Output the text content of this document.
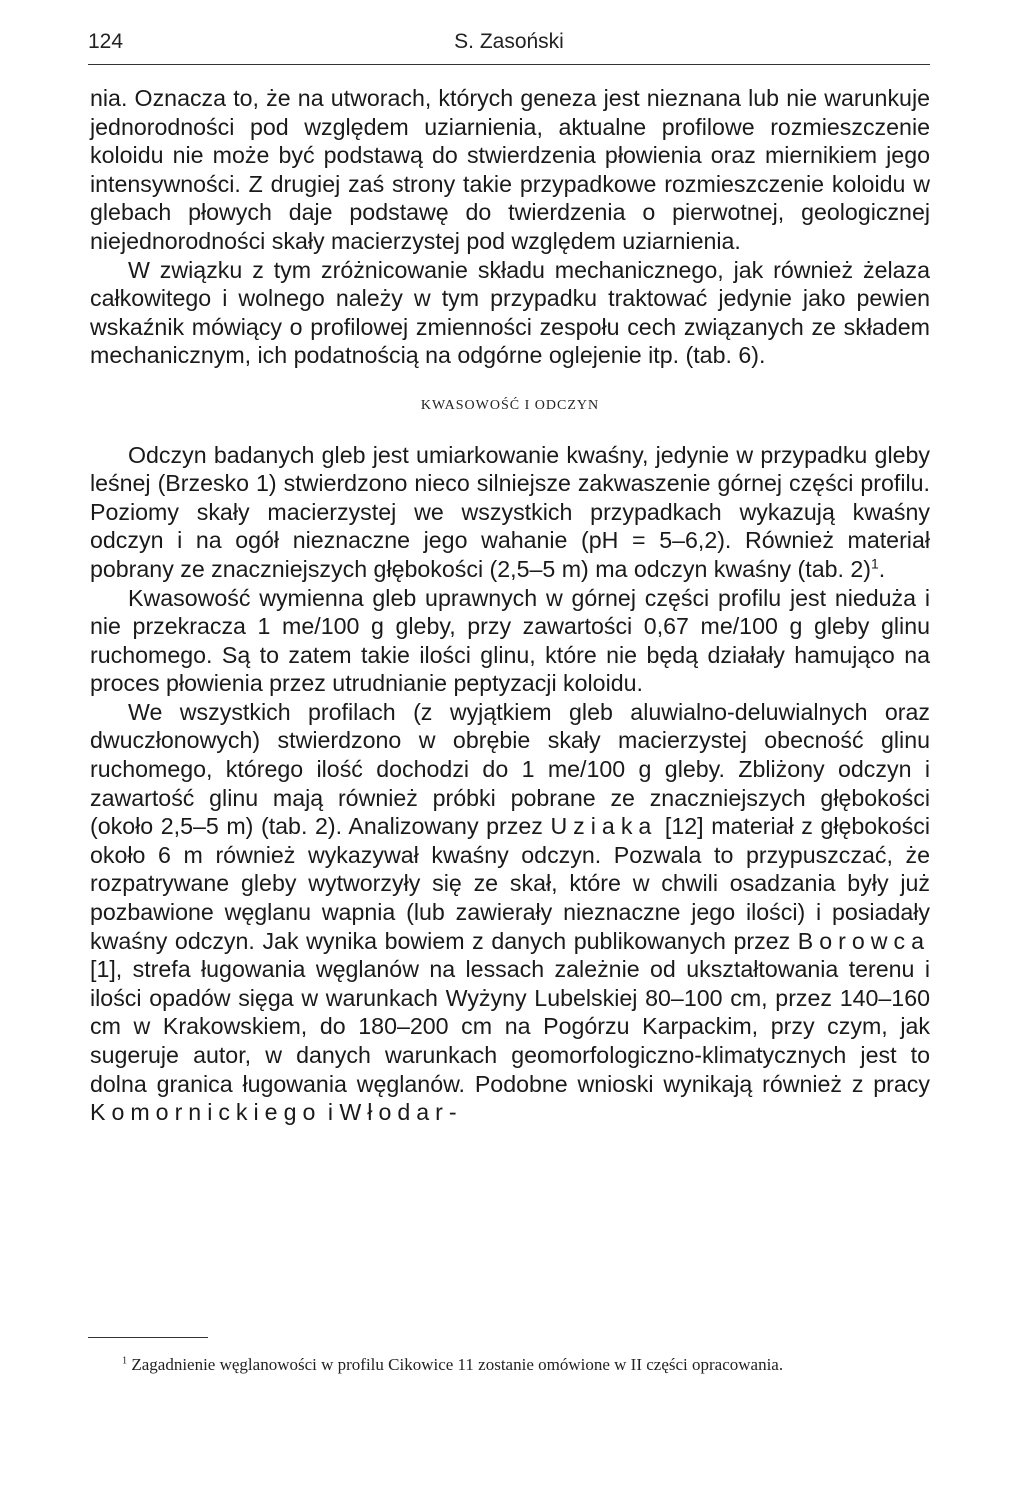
124	S. Zasoński

nia. Oznacza to, że na utworach, których geneza jest nieznana lub nie warunkuje jednorodności pod względem uziarnienia, aktualne profilowe rozmieszczenie koloidu nie może być podstawą do stwierdzenia płowienia oraz miernikiem jego intensywności. Z drugiej zaś strony takie przypadkowe rozmieszczenie koloidu w glebach płowych daje podstawę do twierdzenia o pierwotnej, geologicznej niejednorodności skały macierzystej pod względem uziarnienia.

W związku z tym zróżnicowanie składu mechanicznego, jak również żelaza całkowitego i wolnego należy w tym przypadku traktować jedynie jako pewien wskaźnik mówiący o profilowej zmienności zespołu cech związanych ze składem mechanicznym, ich podatnością na odgórne oglejenie itp. (tab. 6).

KWASOWOŚĆ I ODCZYN

Odczyn badanych gleb jest umiarkowanie kwaśny, jedynie w przypadku gleby leśnej (Brzesko 1) stwierdzono nieco silniejsze zakwaszenie górnej części profilu. Poziomy skały macierzystej we wszystkich przypadkach wykazują kwaśny odczyn i na ogół nieznaczne jego wahanie (pH = 5–6,2). Również materiał pobrany ze znaczniejszych głębokości (2,5–5 m) ma odczyn kwaśny (tab. 2)$^1$.

Kwasowość wymienna gleb uprawnych w górnej części profilu jest nieduża i nie przekracza 1 me/100 g gleby, przy zawartości 0,67 me/100 g gleby glinu ruchomego. Są to zatem takie ilości glinu, które nie będą działały hamująco na proces płowienia przez utrudnianie peptyzacji koloidu.

We wszystkich profilach (z wyjątkiem gleb aluwialno-deluwialnych oraz dwuczłonowych) stwierdzono w obrębie skały macierzystej obecność glinu ruchomego, którego ilość dochodzi do 1 me/100 g gleby. Zbliżony odczyn i zawartość glinu mają również próbki pobrane ze znaczniejszych głębokości (około 2,5–5 m) (tab. 2). Analizowany przez Uziaka [12] materiał z głębokości około 6 m również wykazywał kwaśny odczyn. Pozwala to przypuszczać, że rozpatrywane gleby wytworzyły się ze skał, które w chwili osadzania były już pozbawione węglanu wapnia (lub zawierały nieznaczne jego ilości) i posiadały kwaśny odczyn. Jak wynika bowiem z danych publikowanych przez Borowca [1], strefa ługowania węglanów na lessach zależnie od ukształtowania terenu i ilości opadów sięga w warunkach Wyżyny Lubelskiej 80–100 cm, przez 140–160 cm w Krakowskiem, do 180–200 cm na Pogórzu Karpackim, przy czym, jak sugeruje autor, w danych warunkach geomorfologiczno-klimatycznych jest to dolna granica ługowania węglanów. Podobne wnioski wynikają również z pracy Komornickiego i Włodar-

$^1$ Zagadnienie węglanowości w profilu Cikowice 11 zostanie omówione w II części opracowania.
